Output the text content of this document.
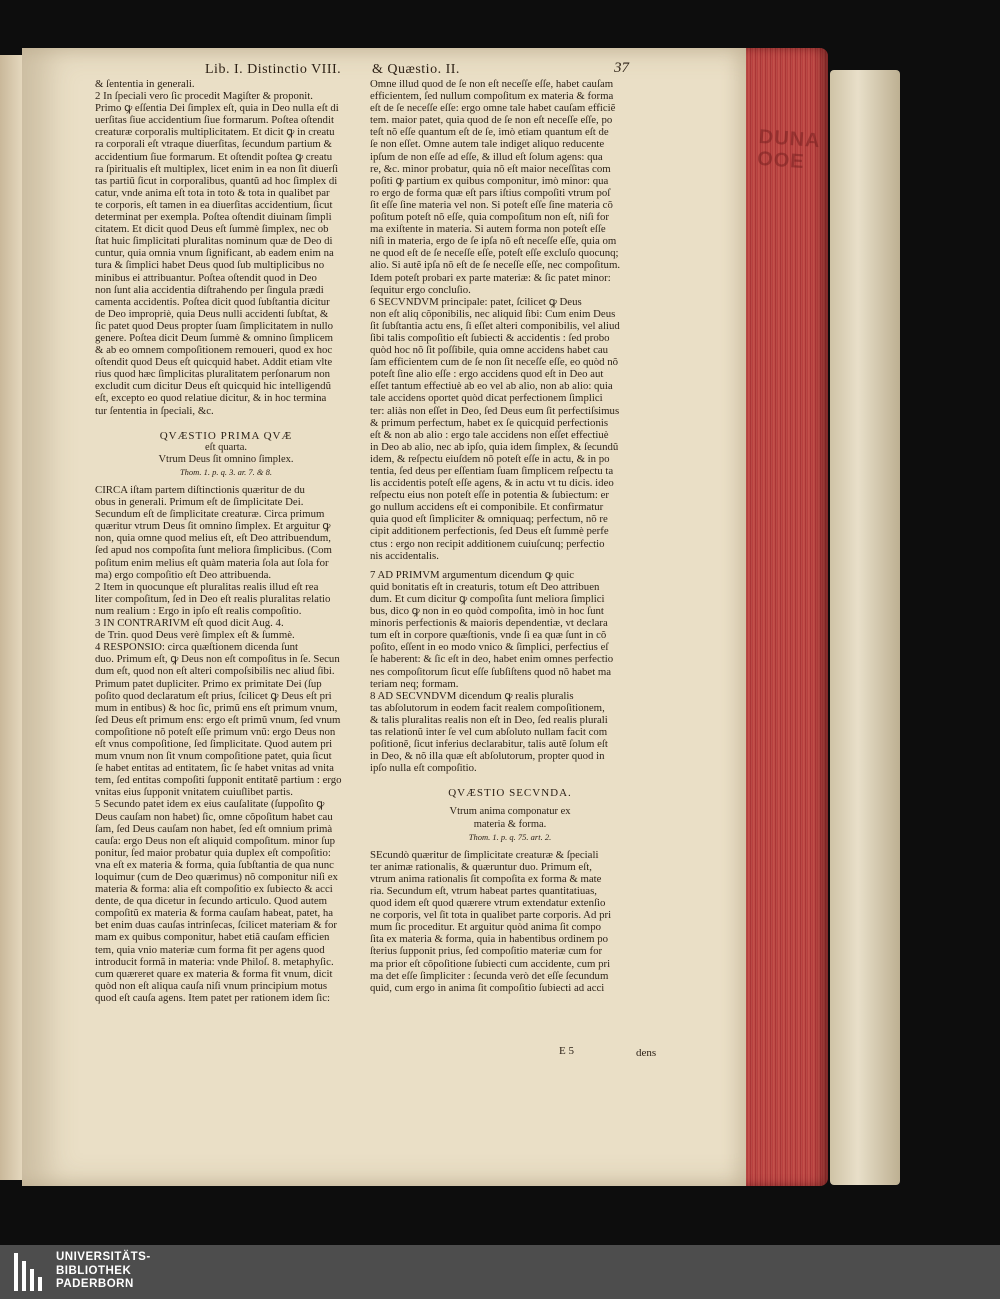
DUNA
OOE
Lib. I. Distinctio VIII. & Quæstio. II.	37
& ſententia in generali.
2 In ſpeciali vero ſic procedit Magiſter & proponit.
Primo ꝙ eſſentia Dei ſimplex eſt, quia in Deo nulla eſt di
uerſitas ſiue accidentium ſiue formarum. Poſtea oſtendit
creaturæ corporalis multiplicitatem. Et dicit ꝙ in creatu
ra corporali eſt vtraque diuerſitas, ſecundum partium &
accidentium ſiue formarum. Et oſtendit poſtea ꝙ creatu
ra ſpiritualis eſt multiplex, licet enim in ea non ſit diuerſi
tas partiũ ſicut in corporalibus, quantũ ad hoc ſimplex di
catur, vnde anima eſt tota in toto & tota in qualibet par
te corporis, eſt tamen in ea diuerſitas accidentium, ſicut
determinat per exempla. Poſtea oſtendit diuinam ſimpli
citatem. Et dicit quod Deus eſt ſummè ſimplex, nec ob
ſtat huic ſimplicitati pluralitas nominum quæ de Deo di
cuntur, quia omnia vnum ſignificant, ab eadem enim na
tura & ſimplici habet Deus quod ſub multiplicibus no
minibus ei attribuantur. Poſtea oſtendit quod in Deo
non ſunt alia accidentia diſtrahendo per ſingula prædi
camenta accidentis. Poſtea dicit quod ſubſtantia dicitur
de Deo impropriè, quia Deus nulli accidenti ſubſtat, &
ſic patet quod Deus propter ſuam ſimplicitatem in nullo
genere. Poſtea dicit Deum ſummè & omnino ſimplicem
& ab eo omnem compoſitionem remoueri, quod ex hoc
oſtendit quod Deus eſt quicquid habet. Addit etiam vlte
rius quod hæc ſimplicitas pluralitatem perſonarum non
excludit cum dicitur Deus eſt quicquid hic intelligendũ
eſt, excepto eo quod relatiue dicitur, & in hoc termina
tur ſententia in ſpeciali, &c.
QVÆSTIO PRIMA QVÆ
eſt quarta.
Vtrum Deus ſit omnino ſimplex.
Thom. 1. p. q. 3. ar. 7. & 8.
CIRCA iſtam partem diſtinctionis quæritur de du
obus in generali. Primum eſt de ſimplicitate Dei.
Secundum eſt de ſimplicitate creaturæ. Circa primum
quæritur vtrum Deus ſit omnino ſimplex. Et arguitur ꝙ
non, quia omne quod melius eſt, eſt Deo attribuendum,
ſed apud nos compoſita ſunt meliora ſimplicibus. (Com
poſitum enim melius eſt quàm materia ſola aut ſola for
ma) ergo compoſitio eſt Deo attribuenda.
2 Item in quocunque eſt pluralitas realis illud eſt rea
liter compoſitum, ſed in Deo eſt realis pluralitas relatio
num realium : Ergo in ipſo eſt realis compoſitio.
3 IN CONTRARIVM eſt quod dicit Aug. 4.
de Trin. quod Deus verè ſimplex eſt & ſummè.
4 RESPONSIO: circa quæſtionem dicenda ſunt
duo. Primum eſt, ꝙ Deus non eſt compoſitus in ſe. Secun
dum eſt, quod non eſt alteri compoſsibilis nec aliud ſibi.
Primum patet dupliciter. Primo ex primitate Dei (ſup
poſito quod declaratum eſt prius, ſcilicet ꝙ Deus eſt pri
mum in entibus) & hoc ſic, primũ ens eſt primum vnum,
ſed Deus eſt primum ens: ergo eſt primũ vnum, ſed vnum
compoſitione nõ poteſt eſſe primum vnũ: ergo Deus non
eſt vnus compoſitione, ſed ſimplicitate. Quod autem pri
mum vnum non ſit vnum compoſitione patet, quia ſicut
ſe habet entitas ad entitatem, ſic ſe habet vnitas ad vnita
tem, ſed entitas compoſiti ſupponit entitatẽ partium : ergo
vnitas eius ſupponit vnitatem cuiuſlibet partis.
5 Secundo patet idem ex eius cauſalitate (ſuppoſito ꝙ
Deus cauſam non habet) ſic, omne cõpoſitum habet cau
ſam, ſed Deus cauſam non habet, ſed eſt omnium primà
cauſa: ergo Deus non eſt aliquid compoſitum. minor ſup
ponitur, ſed maior probatur quia duplex eſt compoſitio:
vna eſt ex materia & forma, quia ſubſtantia de qua nunc
loquimur (cum de Deo quærimus) nõ componitur niſi ex
materia & forma: alia eſt compoſitio ex ſubiecto & acci
dente, de qua dicetur in ſecundo articulo. Quod autem
compoſitũ ex materia & forma cauſam habeat, patet, ha
bet enim duas cauſas intrinſecas, ſcilicet materiam & for
mam ex quibus componitur, habet etiã cauſam efficien
tem, quia vnio materiæ cum forma fit per agens quod
introducit formã in materia: vnde Philoſ. 8. metaphyſic.
cum quæreret quare ex materia & forma fit vnum, dicit
quòd non eſt aliqua cauſa niſi vnum principium motus
quod eſt cauſa agens. Item patet per rationem idem ſic:
Omne illud quod de ſe non eſt neceſſe eſſe, habet cauſam
efficientem, ſed nullum compoſitum ex materia & forma
eſt de ſe neceſſe eſſe: ergo omne tale habet cauſam efficiẽ
tem. maior patet, quia quod de ſe non eſt neceſſe eſſe, po
teſt nõ eſſe quantum eſt de ſe, imò etiam quantum eſt de
ſe non eſſet. Omne autem tale indiget aliquo reducente
ipſum de non eſſe ad eſſe, & illud eſt ſolum agens: qua
re, &c. minor probatur, quia nõ eſt maior neceſſitas com
poſiti ꝙ partium ex quibus componitur, imò minor: qua
ro ergo de forma quæ eſt pars iſtius compoſiti vtrum poſ
ſit eſſe ſine materia vel non. Si poteſt eſſe ſine materia cõ
poſitum poteſt nõ eſſe, quia compoſitum non eſt, niſi for
ma exiſtente in materia. Si autem forma non poteſt eſſe
niſi in materia, ergo de ſe ipſa nõ eſt neceſſe eſſe, quia om
ne quod eſt de ſe neceſſe eſſe, poteſt eſſe excluſo quocunq;
alio. Si autẽ ipſa nõ eſt de ſe neceſſe eſſe, nec compoſitum.
Idem poteſt probari ex parte materiæ: & ſic patet minor:
ſequitur ergo concluſio.
6 SECVNDVM principale: patet, ſcilicet ꝙ Deus
non eſt aliq cõponibilis, nec aliquid ſibi: Cum enim Deus
ſit ſubſtantia actu ens, ſi eſſet alteri componibilis, vel aliud
ſibi talis compoſitio eſt ſubiecti & accidentis : ſed probo
quòd hoc nõ ſit poſſibile, quia omne accidens habet cau
ſam efficientem cum de ſe non ſit neceſſe eſſe, eo quòd nõ
poteſt ſine alio eſſe : ergo accidens quod eſt in Deo aut
eſſet tantum effectiuè ab eo vel ab alio, non ab alio: quia
tale accidens oportet quòd dicat perfectionem ſimplici
ter: aliàs non eſſet in Deo, ſed Deus eum ſit perfectiſsimus
& primum perfectum, habet ex ſe quicquid perfectionis
eſt & non ab alio : ergo tale accidens non eſſet effectiuè
in Deo ab alio, nec ab ipſo, quia idem ſimplex, & ſecundũ
idem, & reſpectu eiuſdem nõ poteſt eſſe in actu, & in po
tentia, ſed deus per eſſentiam ſuam ſimplicem reſpectu ta
lis accidentis poteſt eſſe agens, & in actu vt tu dicis. ideo
reſpectu eius non poteſt eſſe in potentia & ſubiectum: er
go nullum accidens eſt ei componibile. Et confirmatur
quia quod eſt ſimpliciter & omniquaq; perfectum, nõ re
cipit additionem perfectionis, ſed Deus eſt ſummè perfe
ctus : ergo non recipit additionem cuiuſcunq; perfectio
nis accidentalis.
7 AD PRIMVM argumentum dicendum ꝙ quic
quid bonitatis eſt in creaturis, totum eſt Deo attribuen
dum. Et cum dicitur ꝙ compoſita ſunt meliora ſimplici
bus, dico ꝙ non in eo quòd compoſita, imò in hoc ſunt
minoris perfectionis & maioris dependentiæ, vt declara
tum eſt in corpore quæſtionis, vnde ſi ea quæ ſunt in cõ
poſito, eſſent in eo modo vnico & ſimplici, perfectius eſ
ſe haberent: & ſic eſt in deo, habet enim omnes perfectio
nes compoſitorum ſicut eſſe ſubſiſtens quod nõ habet ma
teriam neq; formam.
8 AD SECVNDVM dicendum ꝙ realis pluralis
tas abſolutorum in eodem facit realem compoſitionem,
& talis pluralitas realis non eſt in Deo, ſed realis plurali
tas relationũ inter ſe vel cum abſoluto nullam facit com
poſitionẽ, ſicut inferius declarabitur, talis autẽ ſolum eſt
in Deo, & nõ illa quæ eſt abſolutorum, propter quod in
ipſo nulla eſt compoſitio.
QVÆSTIO SECVNDA.
Vtrum anima componatur ex
materia & forma.
Thom. 1. p. q. 75. art. 2.
SEcundò quæritur de ſimplicitate creaturæ & ſpeciali
ter animæ rationalis, & quæruntur duo. Primum eſt,
vtrum anima rationalis ſit compoſita ex forma & mate
ria. Secundum eſt, vtrum habeat partes quantitatiuas,
quod idem eſt quod quærere vtrum extendatur extenſio
ne corporis, vel ſit tota in qualibet parte corporis. Ad pri
mum ſic proceditur. Et arguitur quòd anima ſit compo
ſita ex materia & forma, quia in habentibus ordinem po
ſterius ſupponit prius, ſed compoſitio materiæ cum for
ma prior eſt cõpoſitione ſubiecti cum accidente, cum pri
ma det eſſe ſimpliciter : ſecunda verò det eſſe ſecundum
quid, cum ergo in anima ſit compoſitio ſubiecti ad acci
E 5	dens
UNIVERSITÄTS-
BIBLIOTHEK
PADERBORN
